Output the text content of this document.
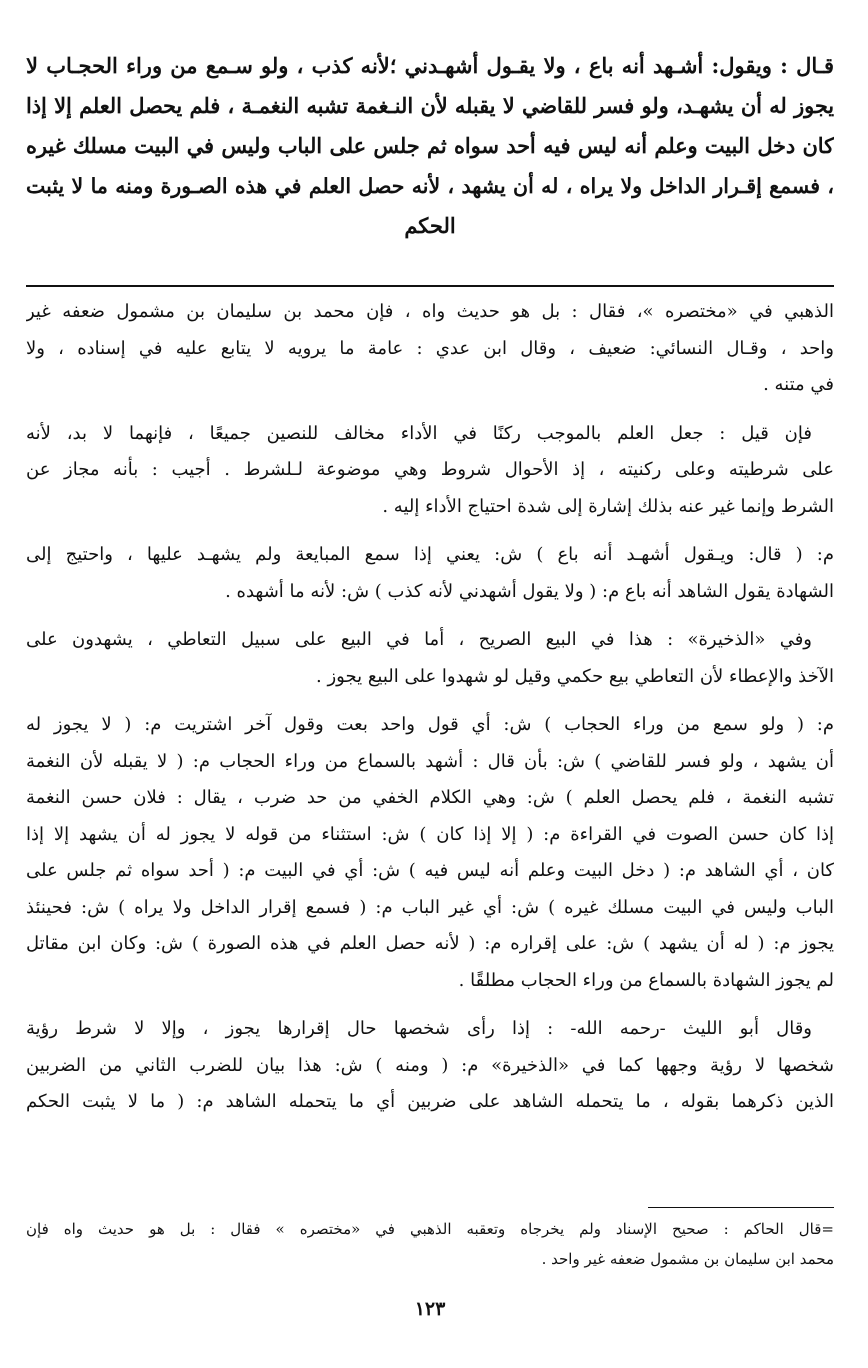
قـال : ويقول: أشـهد أنه باع ، ولا يقـول أشهـدني ؛لأنه كذب ، ولو سـمع من وراء الحجـاب لا
يجوز له أن يشهـد، ولو فسر للقاضي لا يقبله لأن النـغمة تشبه النغمـة ، فلم يحصل العلم إلا إذا
كان دخل البيت وعلم أنه ليس فيه أحد سواه ثم جلس على الباب وليس في البيت مسلك غيره
، فسمع إقـرار الداخل ولا يراه ، له أن يشهد ، لأنه حصل العلم في هذه الصـورة ومنه ما لا يثبت
الحكم
الذهبي في «مختصره »، فقال : بل هو حديث واه ، فإن محمد بن سليمان بن مشمول ضعفه غير
واحد ، وقـال النسائي: ضعيف ، وقال ابن عدي : عامة ما يرويه لا يتابع عليه في إسناده ، ولا
في متنه .
فإن قيل : جعل العلم بالموجب ركنًا في الأداء مخالف للنصين جميعًا ، فإنهما لا بد، لأنه
على شرطيته وعلى ركنيته ، إذ الأحوال شروط وهي موضوعة لـلشرط . أجيب : بأنه مجاز عن
الشرط وإنما غير عنه بذلك إشارة إلى شدة احتياج الأداء إليه .
م: ( قال: ويـقول أشهـد أنه باع ) ش: يعني إذا سمع المبايعة ولم يشهـد عليها ، واحتيج إلى
الشهادة يقول الشاهد أنه باع م: ( ولا يقول أشهدني لأنه كذب ) ش: لأنه ما أشهده .
وفي «الذخيرة» : هذا في البيع الصريح ، أما في البيع على سبيل التعاطي ، يشهدون على
الآخذ والإعطاء لأن التعاطي بيع حكمي وقيل لو شهدوا على البيع يجوز .
م: ( ولو سمع من وراء الحجاب ) ش: أي قول واحد بعت وقول آخر اشتريت م: ( لا يجوز له
أن يشهد ، ولو فسر للقاضي ) ش: بأن قال : أشهد بالسماع من وراء الحجاب م: ( لا يقبله لأن النغمة
تشبه النغمة ، فلم يحصل العلم ) ش: وهي الكلام الخفي من حد ضرب ، يقال : فلان حسن النغمة
إذا كان حسن الصوت في القراءة م: ( إلا إذا كان ) ش: استثناء من قوله لا يجوز له أن يشهد إلا إذا
كان ، أي الشاهد م: ( دخل البيت وعلم أنه ليس فيه ) ش: أي في البيت م: ( أحد سواه ثم جلس على
الباب وليس في البيت مسلك غيره ) ش: أي غير الباب م: ( فسمع إقرار الداخل ولا يراه ) ش: فحينئذ
يجوز م: ( له أن يشهد ) ش: على إقراره م: ( لأنه حصل العلم في هذه الصورة ) ش: وكان ابن مقاتل
لم يجوز الشهادة بالسماع من وراء الحجاب مطلقًا .
وقال أبو الليث -رحمه الله- : إذا رأى شخصها حال إقرارها يجوز ، وإلا لا شرط رؤية
شخصها لا رؤية وجهها كما في «الذخيرة» م: ( ومنه ) ش: هذا بيان للضرب الثاني من الضربين
الذين ذكرهما بقوله ، ما يتحمله الشاهد على ضربين أي ما يتحمله الشاهد م: ( ما لا يثبت الحكم
=قال الحاكم : صحيح الإسناد ولم يخرجاه وتعقبه الذهبي في «مختصره » فقال : بل هو حديث واه فإن
محمد ابن سليمان بن مشمول ضعفه غير واحد .
١٢٣
